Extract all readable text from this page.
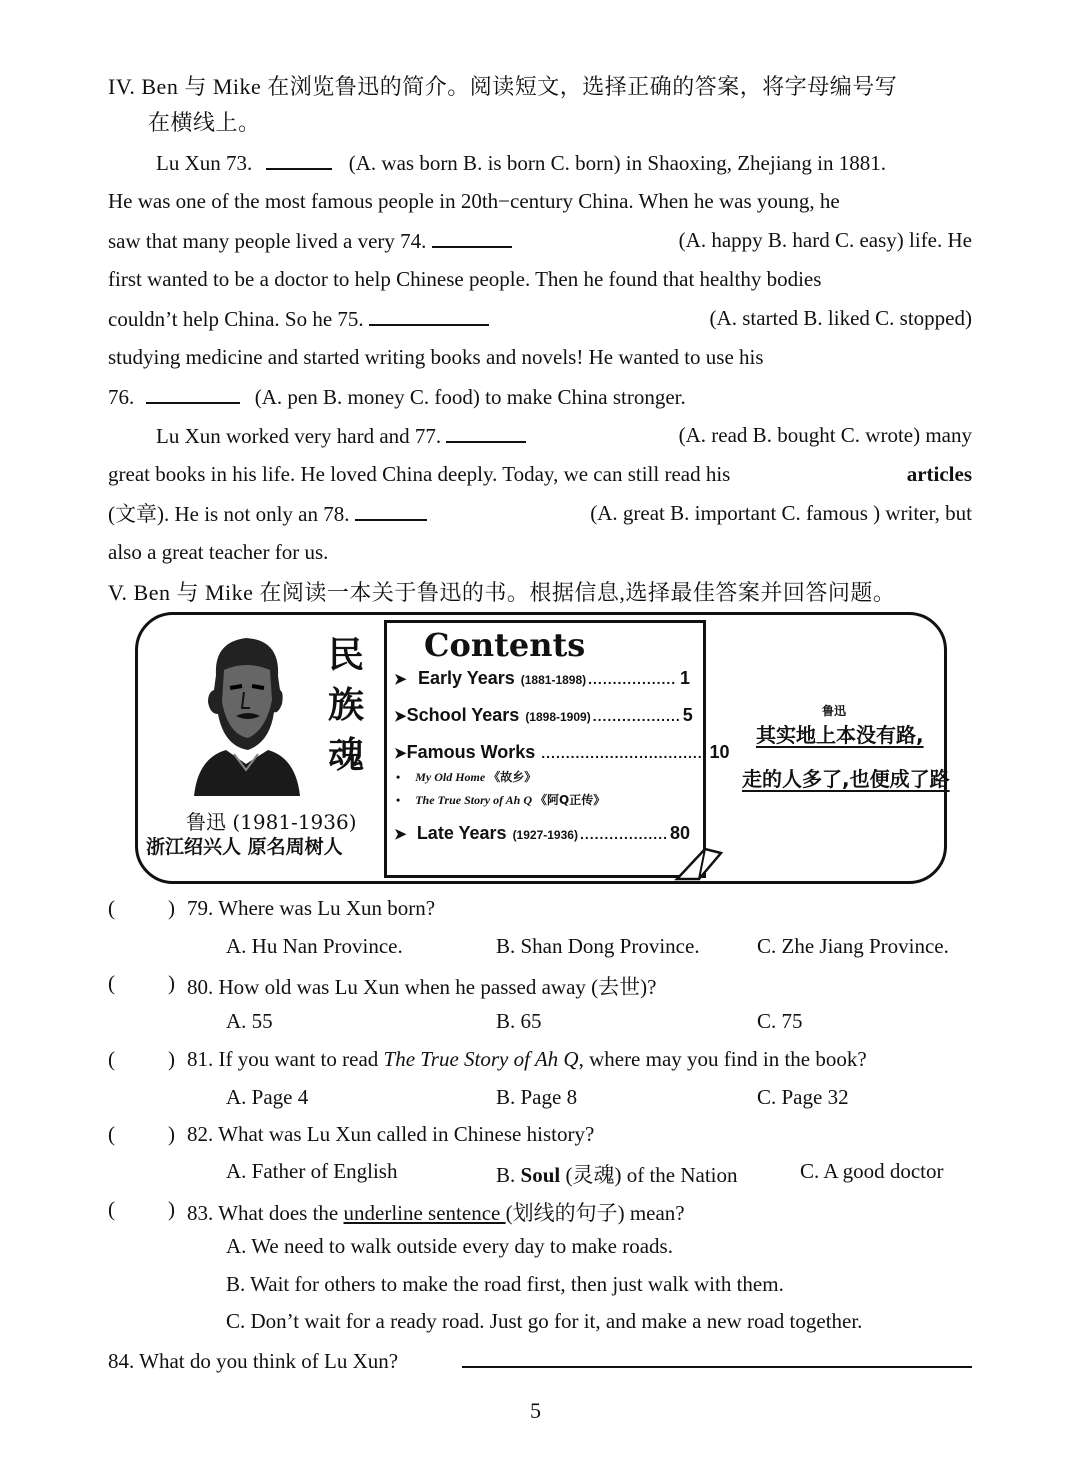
IV. Ben 与 Mike 在浏览鲁迅的简介。阅读短文，选择正确的答案，将字母编号写
在横线上。
Lu Xun 73.	(A. was born B. is born C. born) in Shaoxing, Zhejiang in 1881.
He was one of the most famous people in 20th−century China. When he was young, he
saw that many people lived a very 74.	(A. happy B. hard C. easy) life. He
first wanted to be a doctor to help Chinese people. Then he found that healthy bodies
couldn’t help China. So he 75.	(A. started B. liked C. stopped)
studying medicine and started writing books and novels! He wanted to use his
76.	(A. pen B. money C. food) to make China stronger.
Lu Xun worked very hard and 77.	(A. read B. bought C. wrote) many
great books in his life. He loved China deeply. Today, we can still read his	articles
(文章). He is not only an 78.	(A. great B. important C. famous ) writer, but
also a great teacher for us.
V. Ben 与 Mike 在阅读一本关于鲁迅的书。根据信息,选择最佳答案并回答问题。
民
族
魂
鲁迅 (1981-1936)
浙江绍兴人 原名周树人
Contents
➤ Early Years (1881-1898) .................. 1
➤ School Years (1898-1909) .................. 5
➤ Famous Works .................................. 10
• My Old Home 《故乡》
• The True Story of Ah Q 《阿Q正传》
➤ Late Years (1927-1936) .................. 80
鲁迅
其实地上本没有路,
走的人多了,也便成了路
(	) 79. Where was Lu Xun born?
A. Hu Nan Province.	B. Shan Dong Province.	C. Zhe Jiang Province.
(	) 80. How old was Lu Xun when he passed away (去世)?
A. 55	B. 65	C. 75
(	) 81. If you want to read The True Story of Ah Q, where may you find in the book?
A. Page 4	B. Page 8	C. Page 32
(	) 82. What was Lu Xun called in Chinese history?
A. Father of English	B. Soul (灵魂) of the Nation	C. A good doctor
(	) 83. What does the underline sentence (划线的句子) mean?
A. We need to walk outside every day to make roads.
B. Wait for others to make the road first, then just walk with them.
C. Don’t wait for a ready road. Just go for it, and make a new road together.
84. What do you think of Lu Xun?
5
